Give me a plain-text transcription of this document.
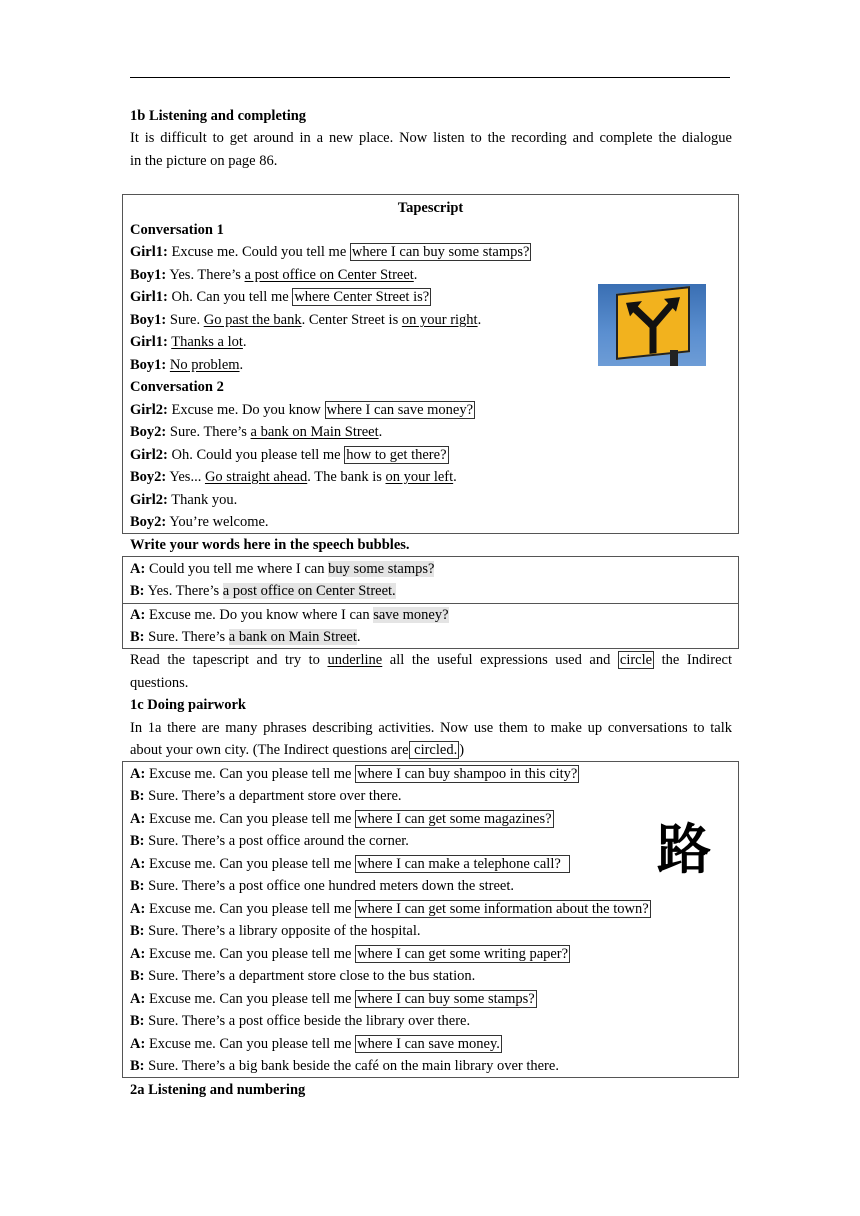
1b Listening and completing
It is difficult to get around in a new place. Now listen to the recording and complete the dialogue
in the picture on page 86.
Tapescript
Conversation 1
Girl1: Excuse me. Could you tell me where I can buy some stamps?
Boy1: Yes. There’s a post office on Center Street.
Girl1: Oh. Can you tell me where Center Street is?
Boy1: Sure. Go past the bank. Center Street is on your right.
Girl1: Thanks a lot.
Boy1: No problem.
Conversation 2
Girl2: Excuse me. Do you know where I can save money?
Boy2: Sure. There’s a bank on Main Street.
Girl2: Oh. Could you please tell me how to get there?
Boy2: Yes... Go straight ahead. The bank is on your left.
Girl2: Thank you.
Boy2: You’re welcome.
Write your words here in the speech bubbles.
A: Could you tell me where I can buy some stamps?
B: Yes. There’s a post office on Center Street.
A: Excuse me. Do you know where I can save money?
B: Sure. There’s a bank on Main Street.
Read the tapescript and try to underline all the useful expressions used and circle the Indirect
questions.
1c Doing pairwork
In 1a there are many phrases describing activities. Now use them to make up conversations to talk
about your own city. (The Indirect questions are circled. )
A: Excuse me. Can you please tell me where I can buy shampoo in this city?
B: Sure. There’s a department store over there.
A: Excuse me. Can you please tell me where I can get some magazines?
B: Sure. There’s a post office around the corner.
A: Excuse me. Can you please tell me where I can make a telephone call?
B: Sure. There’s a post office one hundred meters down the street.
A: Excuse me. Can you please tell me where I can get some information about the town?
B: Sure. There’s a library opposite of the hospital.
A: Excuse me. Can you please tell me where I can get some writing paper?
B: Sure. There’s a department store close to the bus station.
A: Excuse me. Can you please tell me where I can buy some stamps?
B: Sure. There’s a post office beside the library over there.
A: Excuse me. Can you please tell me where I can save money.
B: Sure. There’s a big bank beside the café on the main library over there.
路
2a Listening and numbering
